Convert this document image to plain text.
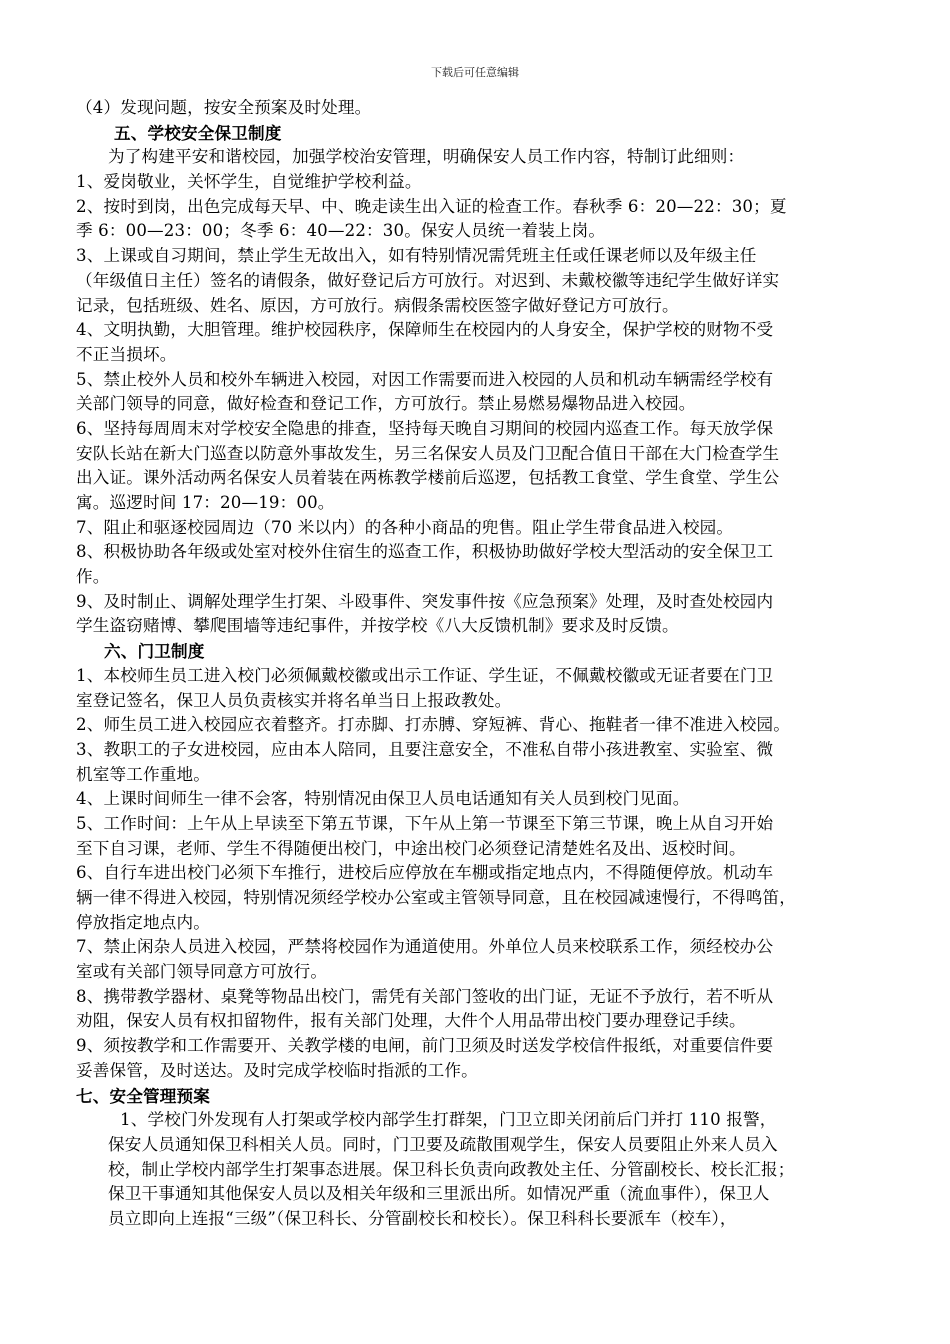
下载后可任意编辑
（4）发现问题，按安全预案及时处理。
五、学校安全保卫制度
为了构建平安和谐校园，加强学校治安管理，明确保安人员工作内容，特制订此细则：
1、爱岗敬业，关怀学生，自觉维护学校利益。
2、按时到岗，出色完成每天早、中、晚走读生出入证的检查工作。春秋季 6：20—22：30；夏
季 6：00—23：00；冬季 6：40—22：30。保安人员统一着装上岗。
3、上课或自习期间，禁止学生无故出入，如有特别情况需凭班主任或任课老师以及年级主任
（年级值日主任）签名的请假条，做好登记后方可放行。对迟到、未戴校徽等违纪学生做好详实
记录，包括班级、姓名、原因，方可放行。病假条需校医签字做好登记方可放行。
4、文明执勤，大胆管理。维护校园秩序，保障师生在校园内的人身安全，保护学校的财物不受
不正当损坏。
5、禁止校外人员和校外车辆进入校园，对因工作需要而进入校园的人员和机动车辆需经学校有
关部门领导的同意，做好检查和登记工作，方可放行。禁止易燃易爆物品进入校园。
6、坚持每周周末对学校安全隐患的排查，坚持每天晚自习期间的校园内巡查工作。每天放学保
安队长站在新大门巡查以防意外事故发生，另三名保安人员及门卫配合值日干部在大门检查学生
出入证。课外活动两名保安人员着装在两栋教学楼前后巡逻，包括教工食堂、学生食堂、学生公
寓。巡逻时间 17：20—19：00。
7、阻止和驱逐校园周边（70 米以内）的各种小商品的兜售。阻止学生带食品进入校园。
8、积极协助各年级或处室对校外住宿生的巡查工作，积极协助做好学校大型活动的安全保卫工
作。
9、及时制止、调解处理学生打架、斗殴事件、突发事件按《应急预案》处理，及时查处校园内
学生盗窃赌博、攀爬围墙等违纪事件，并按学校《八大反馈机制》要求及时反馈。
六、门卫制度
1、本校师生员工进入校门必须佩戴校徽或出示工作证、学生证，不佩戴校徽或无证者要在门卫
室登记签名，保卫人员负责核实并将名单当日上报政教处。
2、师生员工进入校园应衣着整齐。打赤脚、打赤膊、穿短裤、背心、拖鞋者一律不准进入校园。
3、教职工的子女进校园，应由本人陪同，且要注意安全，不准私自带小孩进教室、实验室、微
机室等工作重地。
4、上课时间师生一律不会客，特别情况由保卫人员电话通知有关人员到校门见面。
5、工作时间：上午从上早读至下第五节课，下午从上第一节课至下第三节课，晚上从自习开始
至下自习课，老师、学生不得随便出校门，中途出校门必须登记清楚姓名及出、返校时间。
6、自行车进出校门必须下车推行，进校后应停放在车棚或指定地点内，不得随便停放。机动车
辆一律不得进入校园，特别情况须经学校办公室或主管领导同意，且在校园减速慢行，不得鸣笛，
停放指定地点内。
7、禁止闲杂人员进入校园，严禁将校园作为通道使用。外单位人员来校联系工作，须经校办公
室或有关部门领导同意方可放行。
8、携带教学器材、桌凳等物品出校门，需凭有关部门签收的出门证，无证不予放行，若不听从
劝阻，保安人员有权扣留物件，报有关部门处理，大件个人用品带出校门要办理登记手续。
9、须按教学和工作需要开、关教学楼的电闸，前门卫须及时送发学校信件报纸，对重要信件要
妥善保管，及时送达。及时完成学校临时指派的工作。
七、安全管理预案
1、学校门外发现有人打架或学校内部学生打群架，门卫立即关闭前后门并打 110 报警，
保安人员通知保卫科相关人员。同时，门卫要及疏散围观学生，保安人员要阻止外来人员入
校，制止学校内部学生打架事态进展。保卫科长负责向政教处主任、分管副校长、校长汇报；
保卫干事通知其他保安人员以及相关年级和三里派出所。如情况严重（流血事件），保卫人
员立即向上连报“三级”（保卫科长、分管副校长和校长）。保卫科科长要派车（校车），
